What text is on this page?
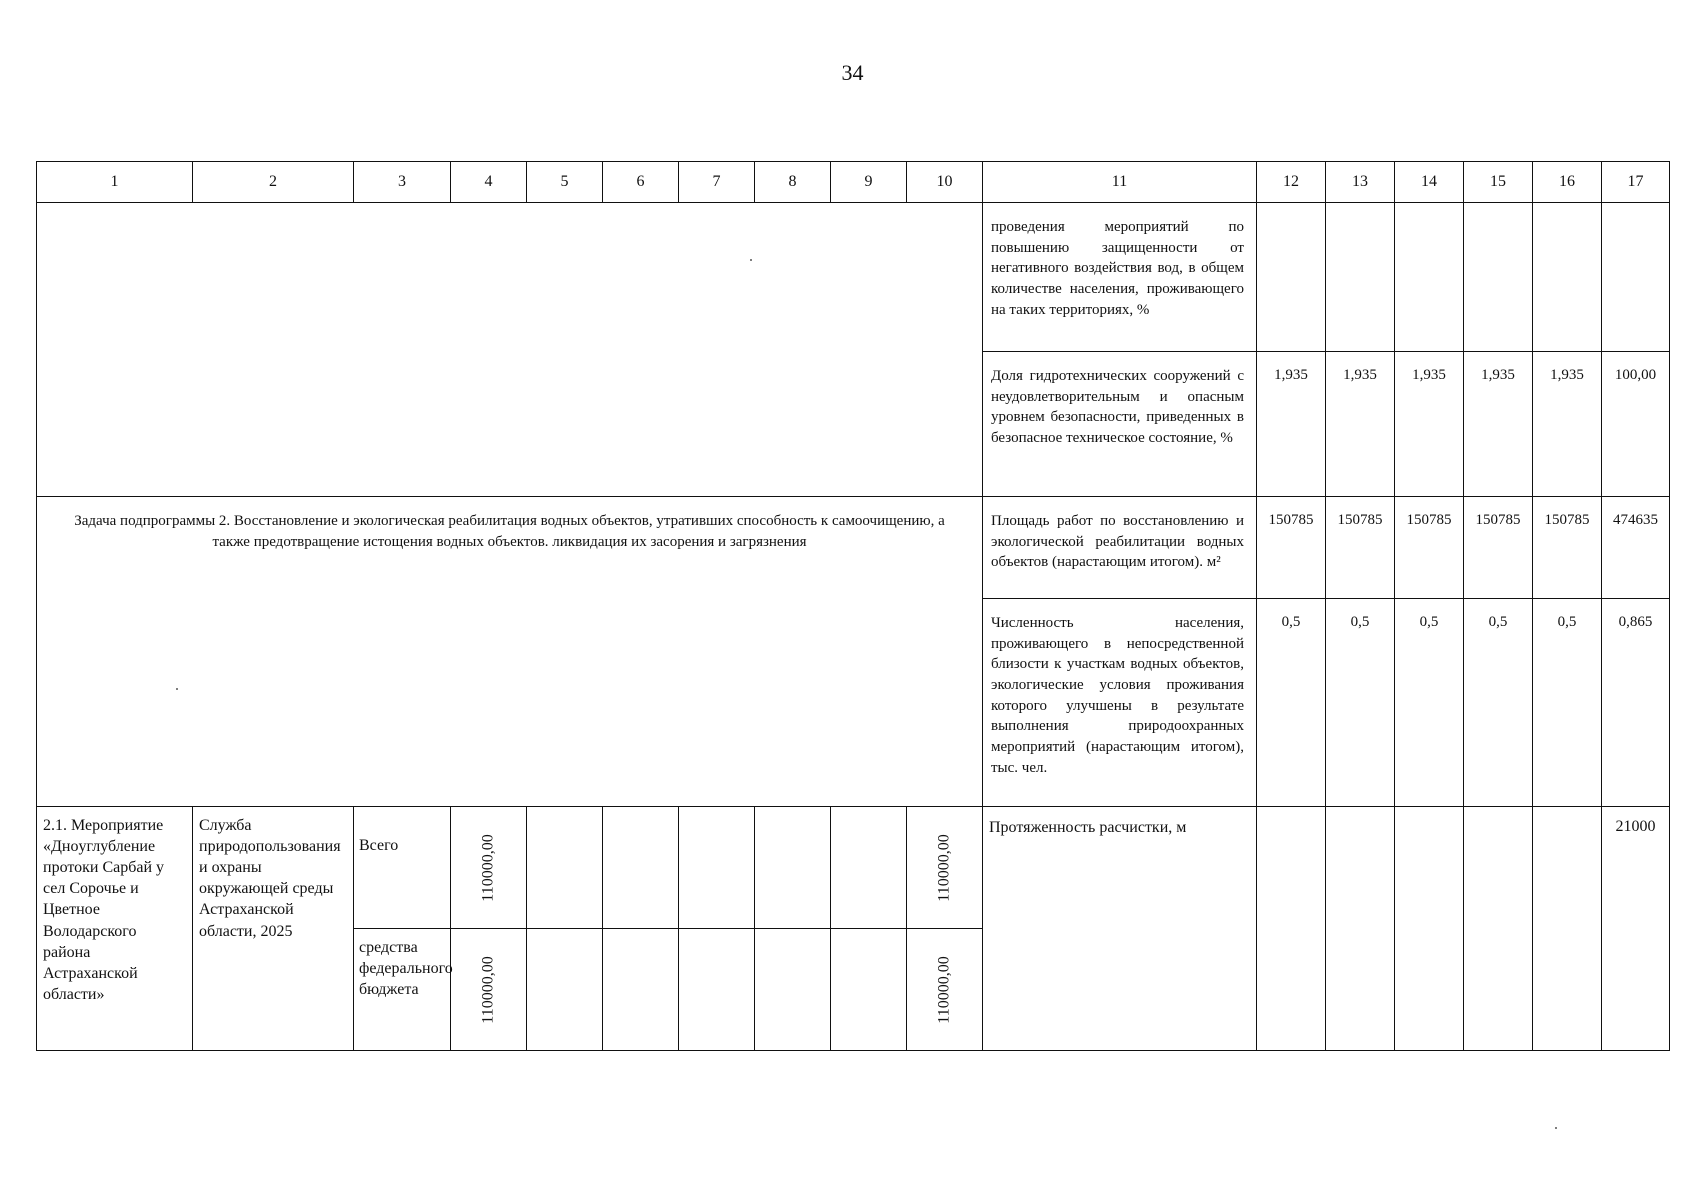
34
1	2	3	4	5	6	7	8	9	10	11	12	13	14	15	16	17

										проведения мероприятий по повышению защищенности от негативного воздействия вод, в общем количестве населения, проживающего на таких территориях, %						
										Доля гидротехнических сооружений с неудовлетворительным и опасным уровнем безопасности, приведенных в безопасное техническое состояние, %	1,935	1,935	1,935	1,935	1,935	100,00
Задача подпрограммы 2. Восстановление и экологическая реабилитация водных объектов, утративших способность к самоочищению, а также предотвращение истощения водных объектов. ликвидация их засорения и загрязнения										Площадь работ по восстановлению и экологической реабилитации водных объектов (нарастающим итогом). м²	150785	150785	150785	150785	150785	474635
										Численность населения, проживающего в непосредственной близости к участкам водных объектов, экологические условия проживания которого улучшены в результате выполнения природоохранных мероприятий (нарастающим итогом), тыс. чел.	0,5	0,5	0,5	0,5	0,5	0,865
2.1. Мероприятие «Днoуглубление протоки Сарбай у сел Сорочье и Цветное Володарского района Астраханской области»	Служба природопользования и охраны окружающей среды Астраханской области, 2025	Всего	110000,00						110000,00	Протяженность расчистки, м						21000
		средства федерального бюджета	110000,00						110000,00							
